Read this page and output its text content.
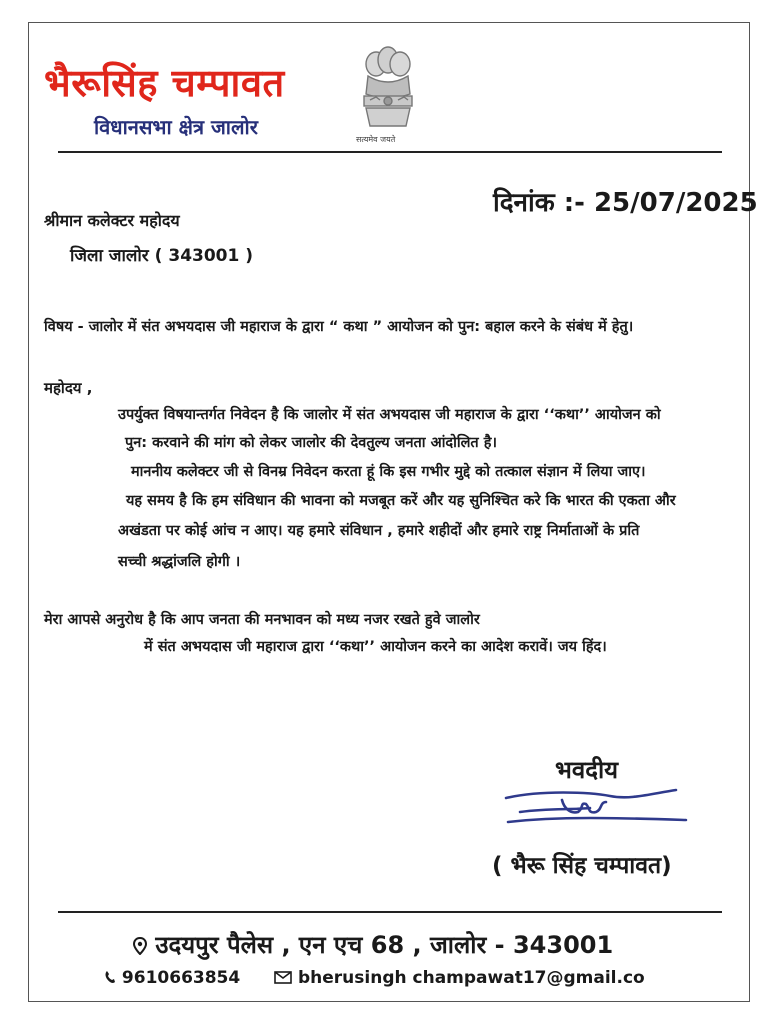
भैरूसिंह चम्पावत
विधानसभा क्षेत्र जालोर
सत्यमेव जयते
दिनांक :- 25/07/2025
श्रीमान कलेक्टर महोदय
जिला जालोर ( 343001 )
विषय - जालोर में संत अभयदास जी महाराज के द्वारा “ कथा ” आयोजन को पुन: बहाल करने के संबंध में हेतु।
महोदय ,
उपर्युक्त विषयान्तर्गत निवेदन है कि जालोर में संत अभयदास जी महाराज के द्वारा ‘‘कथा’’ आयोजन को
पुन: करवाने की मांग को लेकर जालोर की देवतुल्य जनता आंदोलित है।
माननीय कलेक्टर जी से विनम्र निवेदन करता हूं कि इस गभीर मुद्दे को तत्काल संज्ञान में लिया जाए।
यह समय है कि हम संविधान की भावना को मजबूत करें और यह सुनिश्चित करे कि भारत की एकता और
अखंडता पर कोई आंच न आए। यह हमारे संविधान , हमारे शहीदों और हमारे राष्ट्र निर्माताओं के प्रति
सच्ची श्रद्धांजलि होगी ।
मेरा आपसे अनुरोध है कि आप जनता की मनभावन को मध्य नजर रखते हुवे जालोर
में संत अभयदास जी महाराज द्वारा ‘‘कथा’’ आयोजन करने का आदेश करावें। जय हिंद।
भवदीय
( भैरू सिंह चम्पावत)
उदयपुर पैलेस , एन एच 68 , जालोर - 343001
9610663854	bherusingh champawat17@gmail.co
